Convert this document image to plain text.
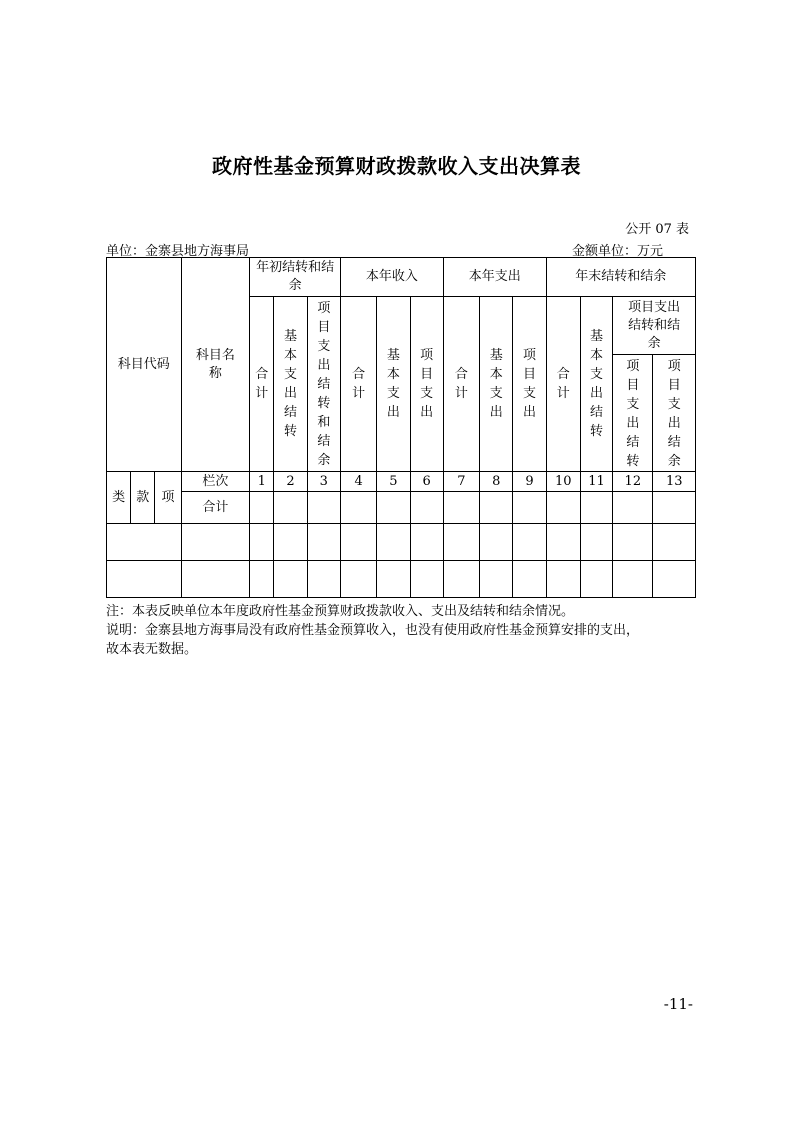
政府性基金预算财政拨款收入支出决算表
公开 07 表
单位：金寨县地方海事局	金额单位：万元
科目代码			科目名称	年初结转和结余			本年收入			本年支出			年末结转和结余			
				合计	基本支出结转	项目支出结转和结余	合计	基本支出	项目支出	合计	基本支出	项目支出	合计	基本支出结转	项目支出结转和结余	
															项目支出结转	项目支出结余

类	款	项	栏次	1	2	3	4	5	6	7	8	9	10	11	12	13
			合计													

注：本表反映单位本年度政府性基金预算财政拨款收入、支出及结转和结余情况。
说明：金寨县地方海事局没有政府性基金预算收入，也没有使用政府性基金预算安排的支出，
故本表无数据。
-11-
